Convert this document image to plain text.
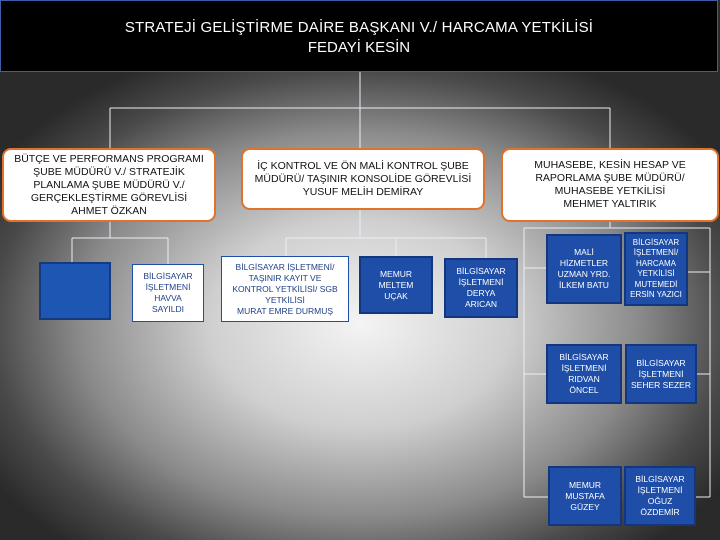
STRATEJİ GELİŞTİRME DAİRE BAŞKANI V./ HARCAMA YETKİLİSİ
FEDAYİ KESİN
BÜTÇE VE PERFORMANS PROGRAMI
ŞUBE MÜDÜRÜ V./ STRATEJİK
PLANLAMA ŞUBE MÜDÜRÜ V./
GERÇEKLEŞTİRME GÖREVLİSİ
AHMET ÖZKAN
İÇ KONTROL VE ÖN MALİ KONTROL ŞUBE
MÜDÜRÜ/ TAŞINIR KONSOLİDE GÖREVLİSİ
YUSUF MELİH DEMİRAY
MUHASEBE, KESİN HESAP VE
RAPORLAMA ŞUBE MÜDÜRÜ/
MUHASEBE YETKİLİSİ
MEHMET YALTIRIK
BİLGİSAYAR
İŞLETMENİ
HAVVA
SAYILDI
BİLGİSAYAR İŞLETMENİ/
TAŞINIR KAYIT VE
KONTROL YETKİLİSİ/ SGB
YETKİLİSİ
MURAT EMRE DURMUŞ
MEMUR
MELTEM
UÇAK
BİLGİSAYAR
İŞLETMENİ
DERYA
ARICAN
MALİ
HİZMETLER
UZMAN YRD.
İLKEM BATU
BİLGİSAYAR
İŞLETMENİ/
HARCAMA
YETKİLİSİ
MUTEMEDİ
ERSİN YAZICI
BİLGİSAYAR
İŞLETMENİ
RIDVAN
ÖNCEL
BİLGİSAYAR
İŞLETMENİ
SEHER SEZER
MEMUR
MUSTAFA
GÜZEY
BİLGİSAYAR
İŞLETMENİ
OĞUZ
ÖZDEMİR
